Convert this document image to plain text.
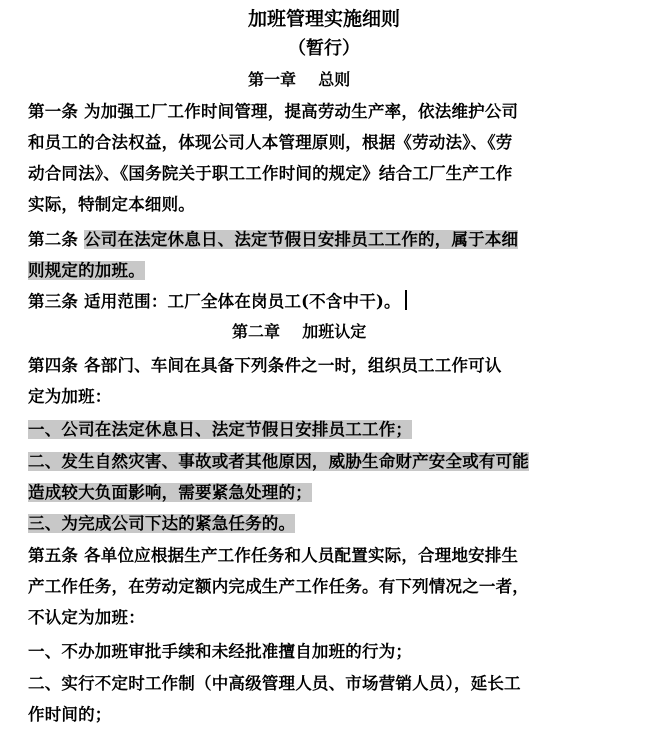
加班管理实施细则
（暂行）
第一章    总则
第一条 为加强工厂工作时间管理，提高劳动生产率，依法维护公司
和员工的合法权益，体现公司人本管理原则，根据《劳动法》、《劳
动合同法》、《国务院关于职工工作时间的规定》结合工厂生产工作
实际，特制定本细则。
第二条 公司在法定休息日、法定节假日安排员工工作的，属于本细
则规定的加班。
第三条 适用范围：工厂全体在岗员工(不含中干)。
第二章    加班认定
第四条 各部门、车间在具备下列条件之一时，组织员工工作可认
定为加班：
一、公司在法定休息日、法定节假日安排员工工作；
二、发生自然灾害、事故或者其他原因，威胁生命财产安全或有可能
造成较大负面影响，需要紧急处理的；
三、为完成公司下达的紧急任务的。
第五条 各单位应根据生产工作任务和人员配置实际，合理地安排生
产工作任务，在劳动定额内完成生产工作任务。有下列情况之一者，
不认定为加班：
一、不办加班审批手续和未经批准擅自加班的行为；
二、实行不定时工作制（中高级管理人员、市场营销人员），延长工
作时间的；
